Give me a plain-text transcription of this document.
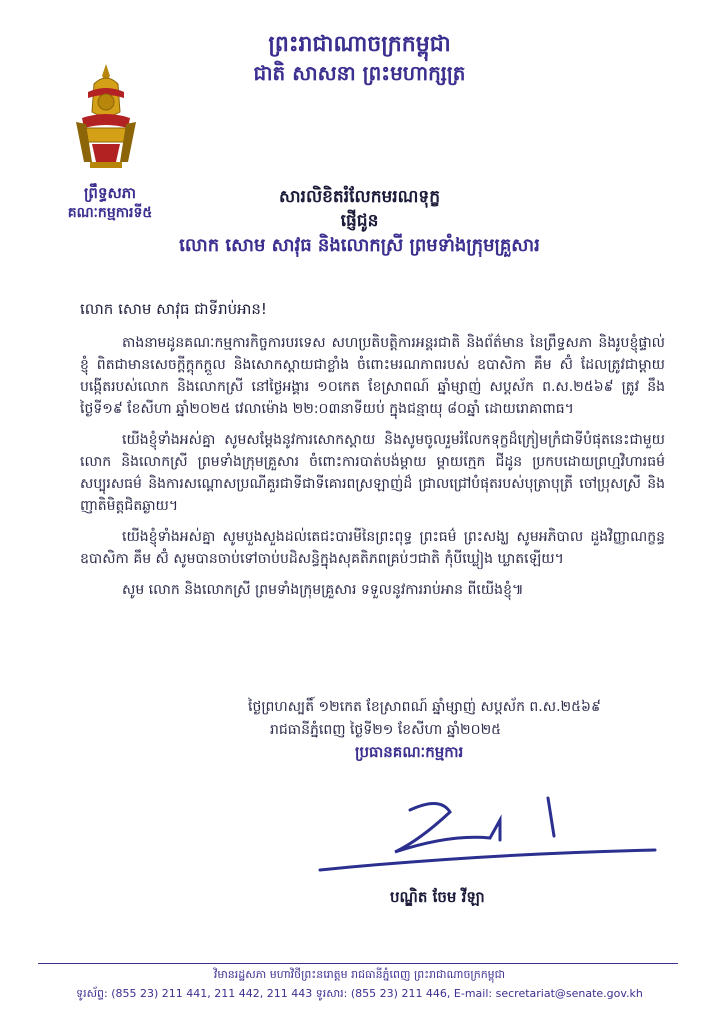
ព្រះរាជាណាចក្រកម្ពុជា
ជាតិ សាសនា ព្រះមហាក្សត្រ
ព្រឹទ្ធសភា
គណៈកម្មការទី៥
សារលិខិតរំលែកមរណទុក្ខ
ផ្ញើជូន
លោក សោម សាវុធ និងលោកស្រី ព្រមទាំងក្រុមគ្រួសារ
លោក សោម សាវុធ ជាទីរាប់អាន!

តាងនាមដូនគណៈកម្មការកិច្ចការបរទេស សហប្រតិបត្តិការអន្តរជាតិ និងព័ត៌មាន នៃព្រឹទ្ធសភា និងរូបខ្ញុំផ្ទាល់ ខ្ញុំ ពិតជាមានសេចក្តីក្តុកក្តួល និងសោកស្តាយជាខ្លាំង ចំពោះមរណភាពរបស់ ឧបាសិកា គឹម ស៊ំ ដែលត្រូវជាម្តាយបង្កើតរបស់លោក និងលោកស្រី នៅថ្ងៃអង្គារ ១០កេត ខែស្រាពណ៍ ឆ្នាំម្សាញ់ សប្តស័ក ព.ស.២៥៦៩ ត្រូវ នឹងថ្ងៃទី១៩ ខែសីហា ឆ្នាំ២០២៥ វេលាម៉ោង ២២:០៣នាទីយប់ ក្នុងជន្មាយុ ៨០ឆ្នាំ ដោយរោគាពាធ។

យើងខ្ញុំទាំងអស់គ្នា សូមសម្តែងនូវការសោកស្តាយ និងសូមចូលរួមរំលែកទុក្ខដ៏ក្រៀមក្រំជាទីបំផុតនេះជាមួយលោក និងលោកស្រី ព្រមទាំងក្រុមគ្រួសារ ចំពោះការបាត់បង់ម្តាយ ម្តាយក្មេក ជីដូន ប្រកបដោយព្រហ្មវិហារធម៌ សប្បុរសធម៌ និងការសណ្ដោសប្រណីគួរជាទីជាទីគោរពស្រឡាញ់ដ៏ ជ្រាលជ្រៅបំផុតរបស់បុត្រាបុត្រី ចៅប្រុសស្រី និងញាតិមិត្តជិតឆ្ងាយ។

យើងខ្ញុំទាំងអស់គ្នា សូមបួងសួងដល់តេជះបារមីនៃព្រះពុទ្ធ ព្រះធម៌ ព្រះសង្ឃ សូមអភិបាល ដួងវិញ្ញាណក្ខន្ធ ឧបាសិកា គឹម ស៊ំ សូមបានចាប់ទៅចាប់បដិសន្ធិក្នុងសុគតិភពគ្រប់ៗជាតិ កុំបីឃ្លៀង ឃ្លាតឡើយ។

សូម លោក និងលោកស្រី ព្រមទាំងក្រុមគ្រួសារ ទទួលនូវការរាប់អាន ពីយើងខ្ញុំ៕

ថ្ងៃព្រហស្បតិ៍ ១២កេត ខែស្រាពណ៍ ឆ្នាំម្សាញ់ សប្តស័ក ព.ស.២៥៦៩
រាជធានីភ្នំពេញ ថ្ងៃទី២១ ខែសីហា ឆ្នាំ២០២៥
ប្រធានគណៈកម្មការ
បណ្ឌិត ចែម វីឡា
វិមានរដ្ឋសភា មហាវិថីព្រះនរោត្តម រាជធានីភ្នំពេញ ព្រះរាជាណាចក្រកម្ពុជា
ទូរស័ព្ទ: (855 23) 211 441, 211 442, 211 443 ទូរសារ: (855 23) 211 446, E-mail: secretariat@senate.gov.kh
